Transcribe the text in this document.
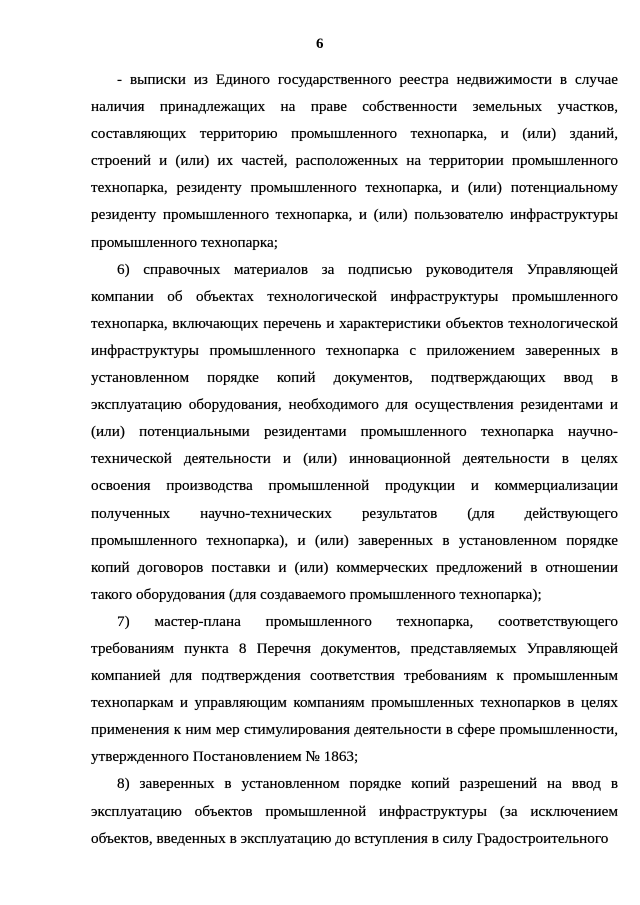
6

- выписки из Единого государственного реестра недвижимости в случае наличия принадлежащих на праве собственности земельных участков, составляющих территорию промышленного технопарка, и (или) зданий, строений и (или) их частей, расположенных на территории промышленного технопарка, резиденту промышленного технопарка, и (или) потенциальному резиденту промышленного технопарка, и (или) пользователю инфраструктуры промышленного технопарка;

6) справочных материалов за подписью руководителя Управляющей компании об объектах технологической инфраструктуры промышленного технопарка, включающих перечень и характеристики объектов технологической инфраструктуры промышленного технопарка с приложением заверенных в установленном порядке копий документов, подтверждающих ввод в эксплуатацию оборудования, необходимого для осуществления резидентами и (или) потенциальными резидентами промышленного технопарка научно-технической деятельности и (или) инновационной деятельности в целях освоения производства промышленной продукции и коммерциализации полученных научно-технических результатов (для действующего промышленного технопарка), и (или) заверенных в установленном порядке копий договоров поставки и (или) коммерческих предложений в отношении такого оборудования (для создаваемого промышленного технопарка);

7) мастер-плана промышленного технопарка, соответствующего требованиям пункта 8 Перечня документов, представляемых Управляющей компанией для подтверждения соответствия требованиям к промышленным технопаркам и управляющим компаниям промышленных технопарков в целях применения к ним мер стимулирования деятельности в сфере промышленности, утвержденного Постановлением № 1863;

8) заверенных в установленном порядке копий разрешений на ввод в эксплуатацию объектов промышленной инфраструктуры (за исключением объектов, введенных в эксплуатацию до вступления в силу Градостроительного
